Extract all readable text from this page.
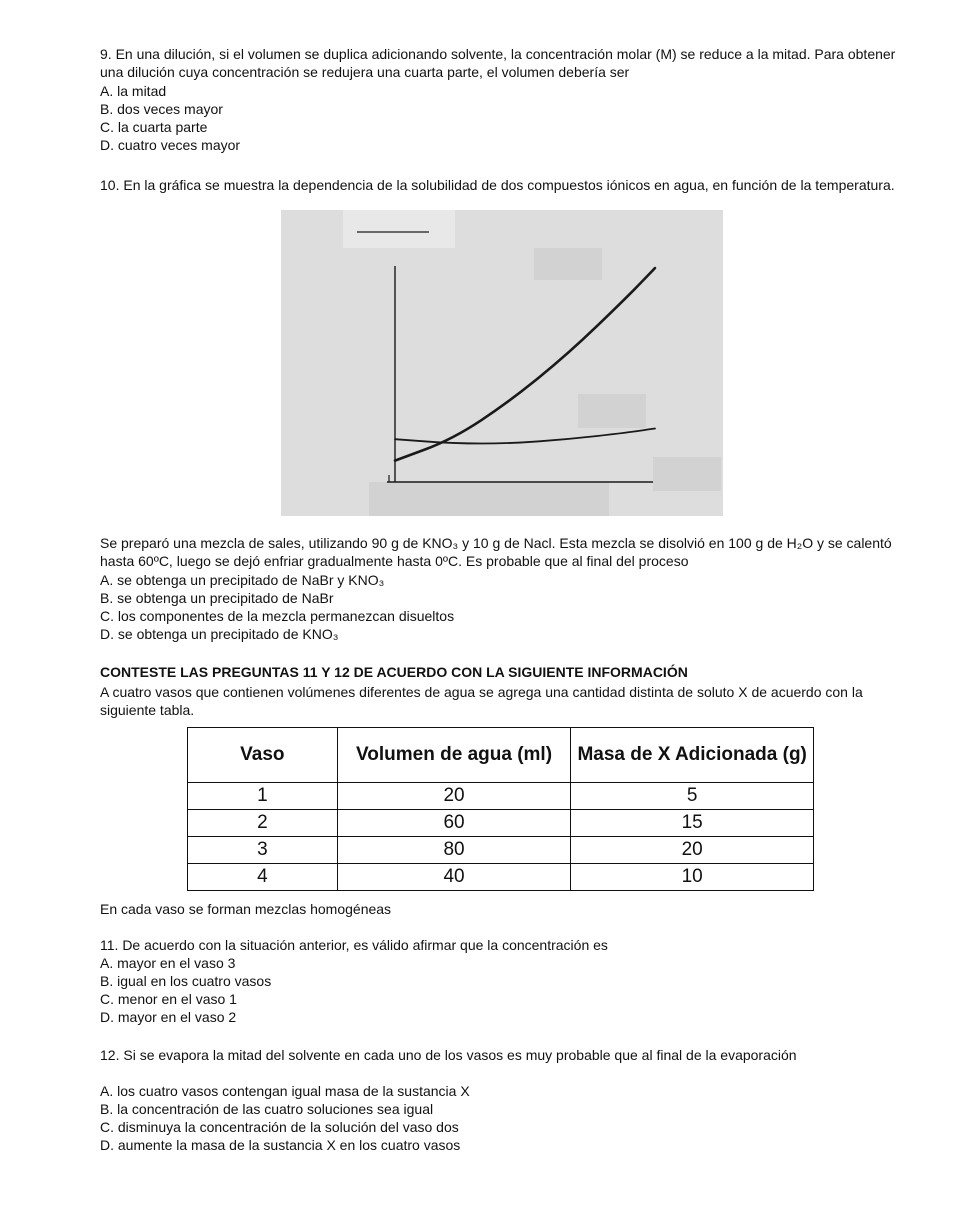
9. En una dilución, si el volumen se duplica adicionando solvente, la concentración molar (M) se reduce a la mitad. Para obtener una dilución cuya concentración se redujera una cuarta parte, el volumen debería ser
A. la mitad
B. dos veces mayor
C. la cuarta parte
D. cuatro veces mayor
10. En la gráfica se muestra la dependencia de la solubilidad de dos compuestos iónicos en agua, en función de la temperatura.
Se preparó una mezcla de sales, utilizando 90 g de KNO₃ y 10 g de Nacl. Esta mezcla se disolvió en 100 g de H₂O y se calentó hasta 60ºC, luego se dejó enfriar gradualmente hasta 0ºC. Es probable que al final del proceso
A. se obtenga un precipitado de NaBr y KNO₃
B. se obtenga un precipitado de NaBr
C. los componentes de la mezcla permanezcan disueltos
D. se obtenga un precipitado de KNO₃
CONTESTE LAS PREGUNTAS 11 Y 12 DE ACUERDO CON LA SIGUIENTE INFORMACIÓN
A cuatro vasos que contienen volúmenes diferentes de agua se agrega una cantidad distinta de soluto X de acuerdo con la siguiente tabla.
Vaso	Volumen de agua (ml)	Masa de X Adicionada (g)
1	20	5
2	60	15
3	80	20
4	40	10
En cada vaso se forman mezclas homogéneas
11. De acuerdo con la situación anterior, es válido afirmar que la concentración es
A. mayor en el vaso 3
B. igual en los cuatro vasos
C. menor en el vaso 1
D. mayor en el vaso 2
12. Si se evapora la mitad del solvente en cada uno de los vasos es muy probable que al final de la evaporación
A. los cuatro vasos contengan igual masa de la sustancia X
B. la concentración de las cuatro soluciones sea igual
C. disminuya la concentración de la solución del vaso dos
D. aumente la masa de la sustancia X en los cuatro vasos
